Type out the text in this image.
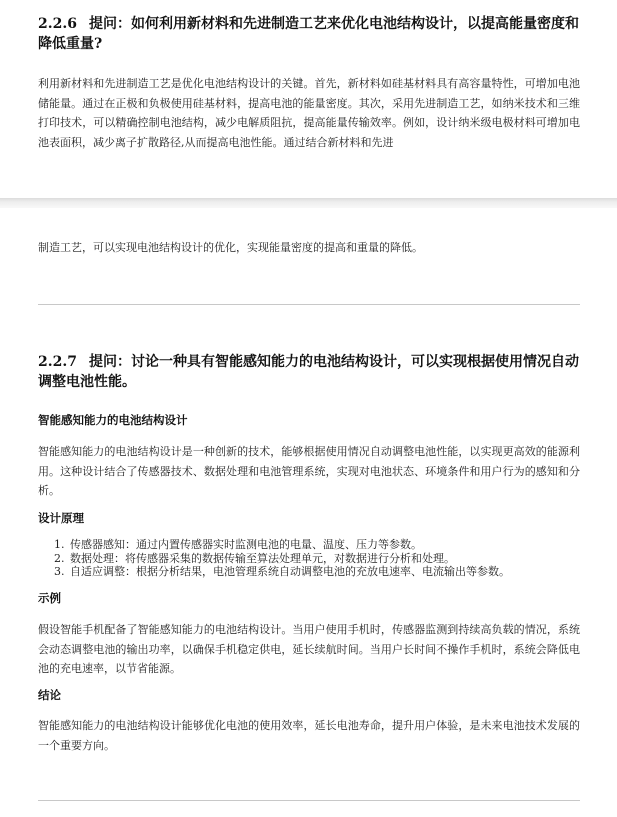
2.2.6 提问：如何利用新材料和先进制造工艺来优化电池结构设计，以提高能量密度和降低重量?

利用新材料和先进制造工艺是优化电池结构设计的关键。首先，新材料如硅基材料具有高容量特性，可增加电池储能量。通过在正极和负极使用硅基材料，提高电池的能量密度。其次，采用先进制造工艺，如纳米技术和三维打印技术，可以精确控制电池结构，减少电解质阻抗，提高能量传输效率。例如，设计纳米级电极材料可增加电池表面积，减少离子扩散路径,从而提高电池性能。通过结合新材料和先进

制造工艺，可以实现电池结构设计的优化，实现能量密度的提高和重量的降低。

2.2.7 提问：讨论一种具有智能感知能力的电池结构设计，可以实现根据使用情况自动调整电池性能。

智能感知能力的电池结构设计

智能感知能力的电池结构设计是一种创新的技术，能够根据使用情况自动调整电池性能，以实现更高效的能源利用。这种设计结合了传感器技术、数据处理和电池管理系统，实现对电池状态、环境条件和用户行为的感知和分析。

设计原理

1. 传感器感知：通过内置传感器实时监测电池的电量、温度、压力等参数。
2. 数据处理：将传感器采集的数据传输至算法处理单元，对数据进行分析和处理。
3. 自适应调整：根据分析结果，电池管理系统自动调整电池的充放电速率、电流输出等参数。

示例

假设智能手机配备了智能感知能力的电池结构设计。当用户使用手机时，传感器监测到持续高负载的情况，系统会动态调整电池的输出功率，以确保手机稳定供电，延长续航时间。当用户长时间不操作手机时，系统会降低电池的充电速率，以节省能源。

结论

智能感知能力的电池结构设计能够优化电池的使用效率，延长电池寿命，提升用户体验，是未来电池技术发展的一个重要方向。
